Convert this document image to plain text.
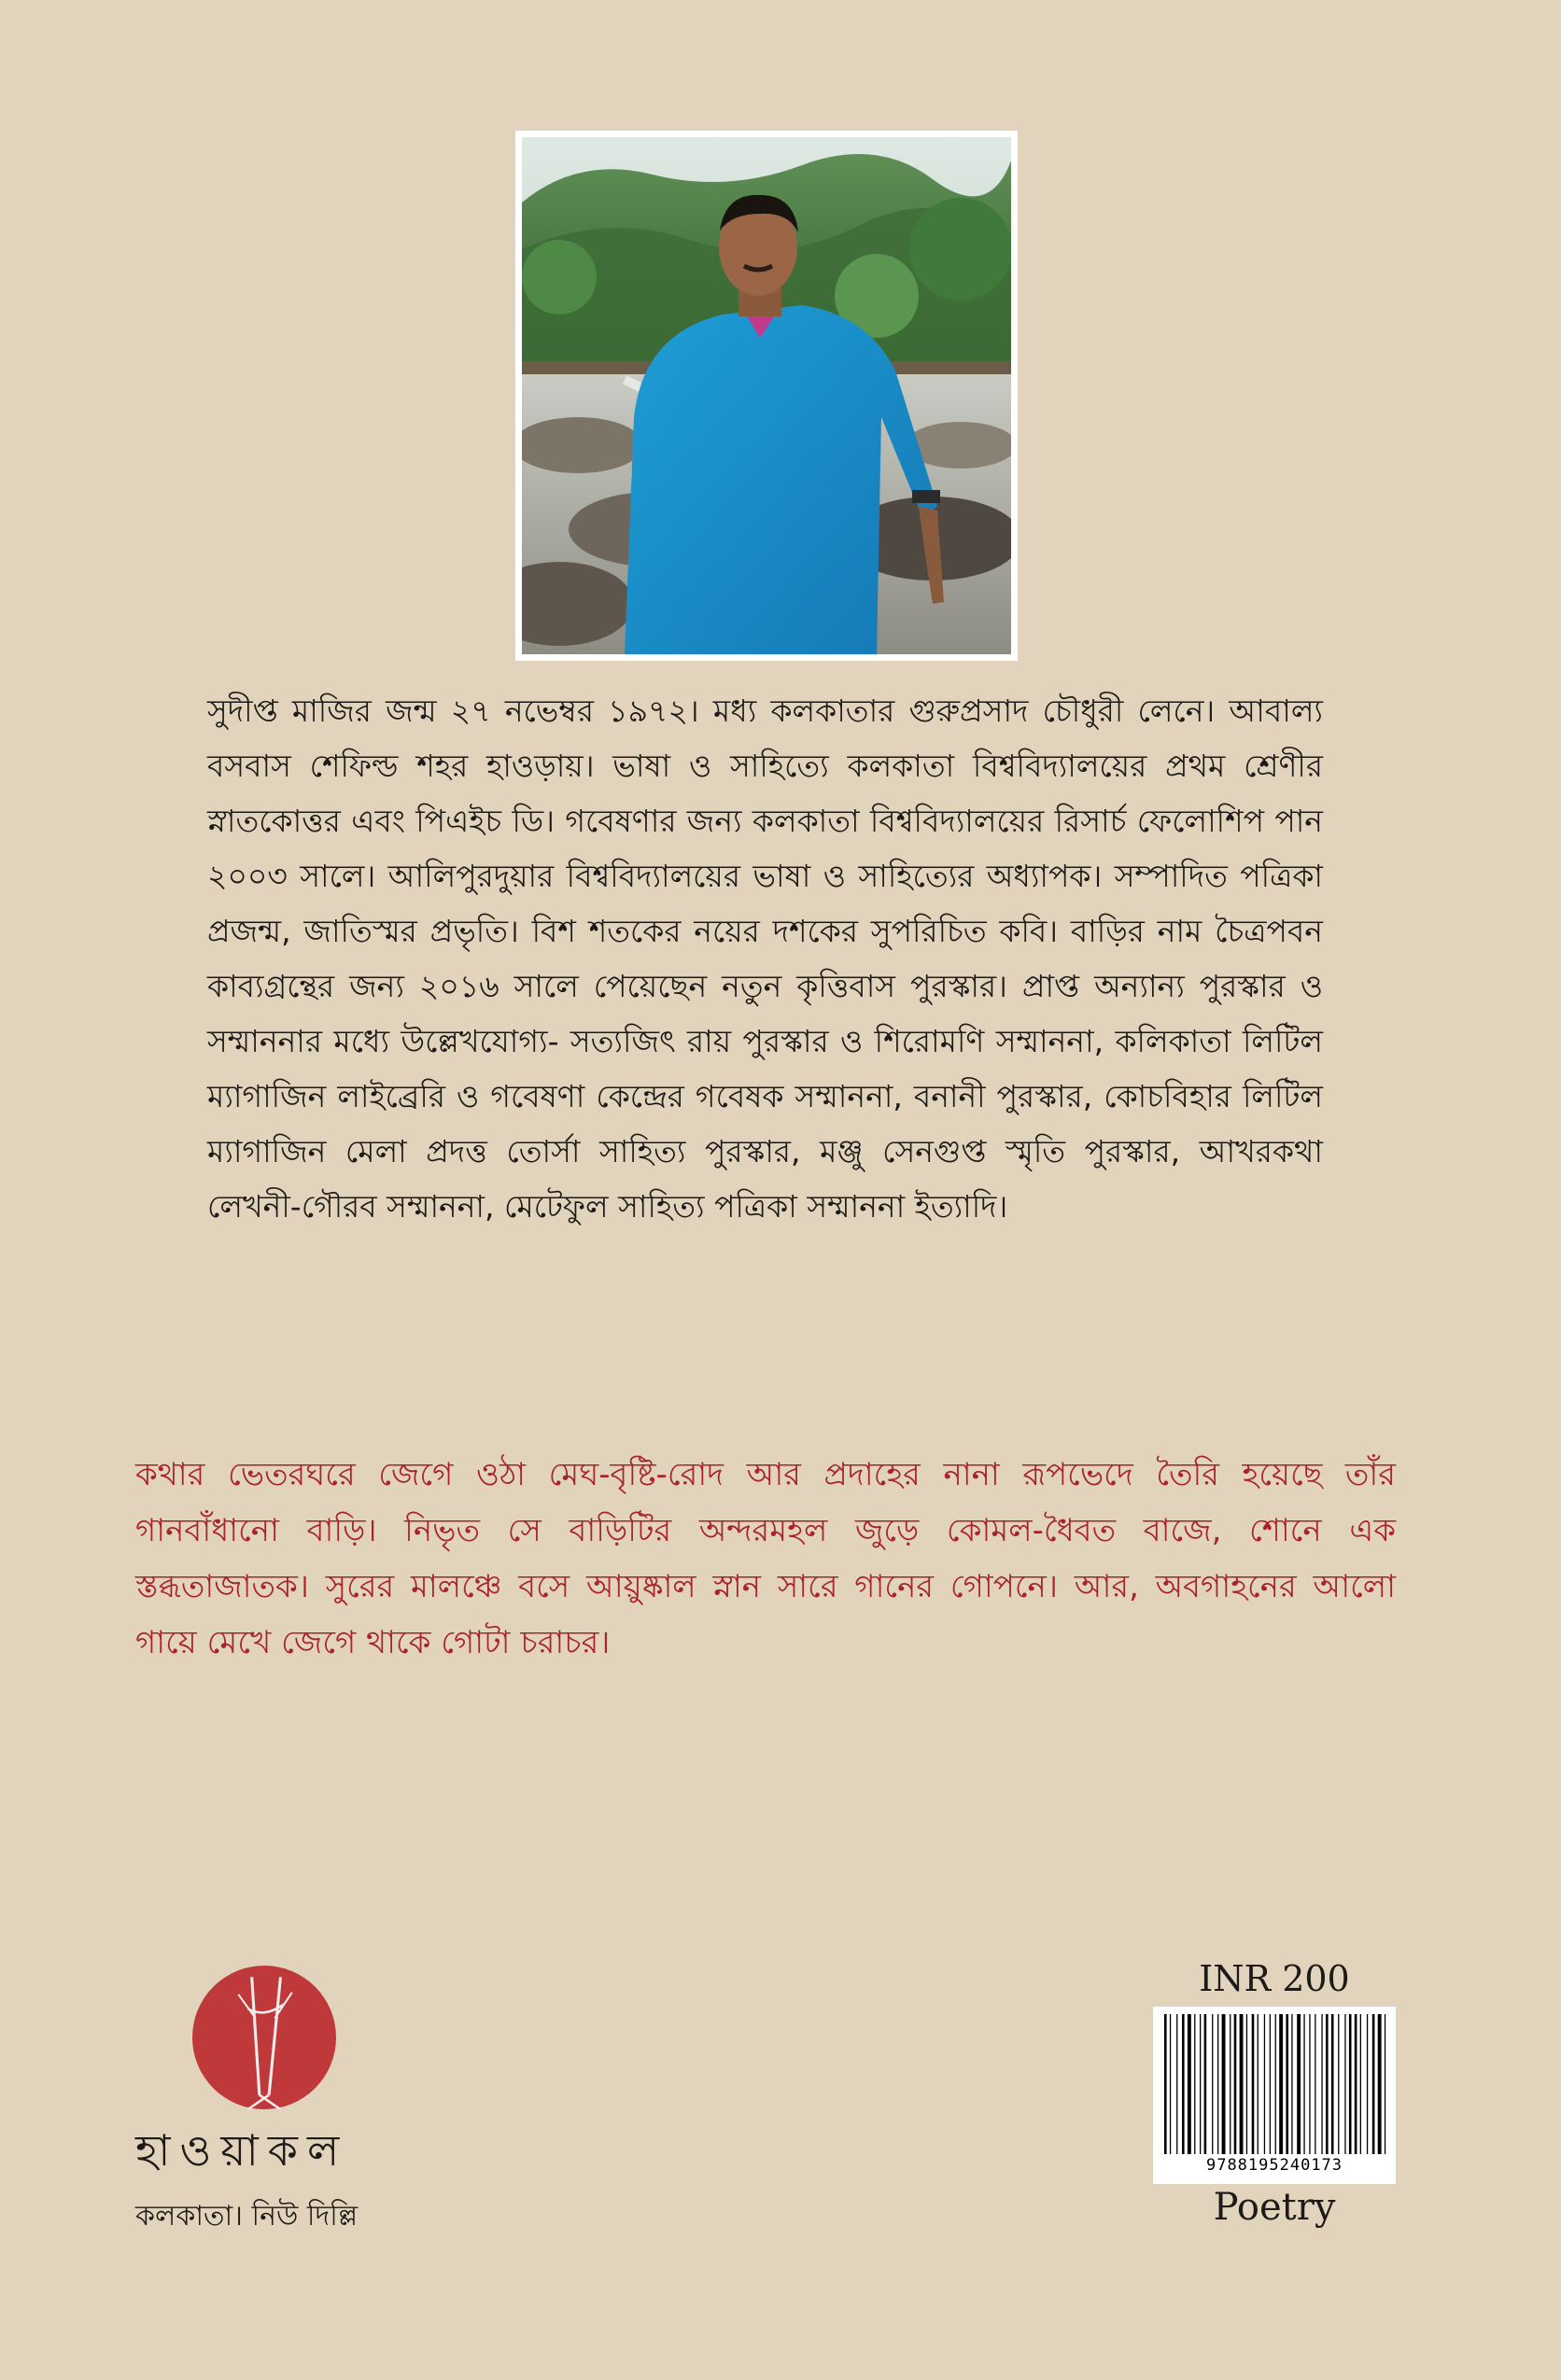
সুদীপ্ত মাজির জন্ম ২৭ নভেম্বর ১৯৭২। মধ্য কলকাতার গুরুপ্রসাদ চৌধুরী লেনে। আবাল্য বসবাস শেফিল্ড শহর হাওড়ায়। ভাষা ও সাহিত্যে কলকাতা বিশ্ববিদ্যালয়ের প্রথম শ্রেণীর স্নাতকোত্তর এবং পিএইচ ডি। গবেষণার জন্য কলকাতা বিশ্ববিদ্যালয়ের রিসার্চ ফেলোশিপ পান ২০০৩ সালে। আলিপুরদুয়ার বিশ্ববিদ্যালয়ের ভাষা ও সাহিত্যের অধ্যাপক। সম্পাদিত পত্রিকা প্রজন্ম, জাতিস্মর প্রভৃতি। বিশ শতকের নয়ের দশকের সুপরিচিত কবি। বাড়ির নাম চৈত্রপবন কাব্যগ্রন্থের জন্য ২০১৬ সালে পেয়েছেন নতুন কৃত্তিবাস পুরস্কার। প্রাপ্ত অন্যান্য পুরস্কার ও সম্মাননার মধ্যে উল্লেখযোগ্য- সত্যজিৎ রায় পুরস্কার ও শিরোমণি সম্মাননা, কলিকাতা লিটিল ম্যাগাজিন লাইব্রেরি ও গবেষণা কেন্দ্রের গবেষক সম্মাননা, বনানী পুরস্কার, কোচবিহার লিটিল ম্যাগাজিন মেলা প্রদত্ত তোর্সা সাহিত্য পুরস্কার, মঞ্জু সেনগুপ্ত স্মৃতি পুরস্কার, আখরকথা লেখনী-গৌরব সম্মাননা, মেটেফুল সাহিত্য পত্রিকা সম্মাননা ইত্যাদি।
কথার ভেতরঘরে জেগে ওঠা মেঘ-বৃষ্টি-রোদ আর প্রদাহের নানা রূপভেদে তৈরি হয়েছে তাঁর গানবাঁধানো বাড়ি। নিভৃত সে বাড়িটির অন্দরমহল জুড়ে কোমল-ধৈবত বাজে, শোনে এক স্তব্ধতাজাতক। সুরের মালঞ্চে বসে আয়ুষ্কাল স্নান সারে গানের গোপনে। আর, অবগাহনের আলো গায়ে মেখে জেগে থাকে গোটা চরাচর।
হাওয়াকল
কলকাতা। নিউ দিল্লি
INR 200
9788195240173
Poetry
